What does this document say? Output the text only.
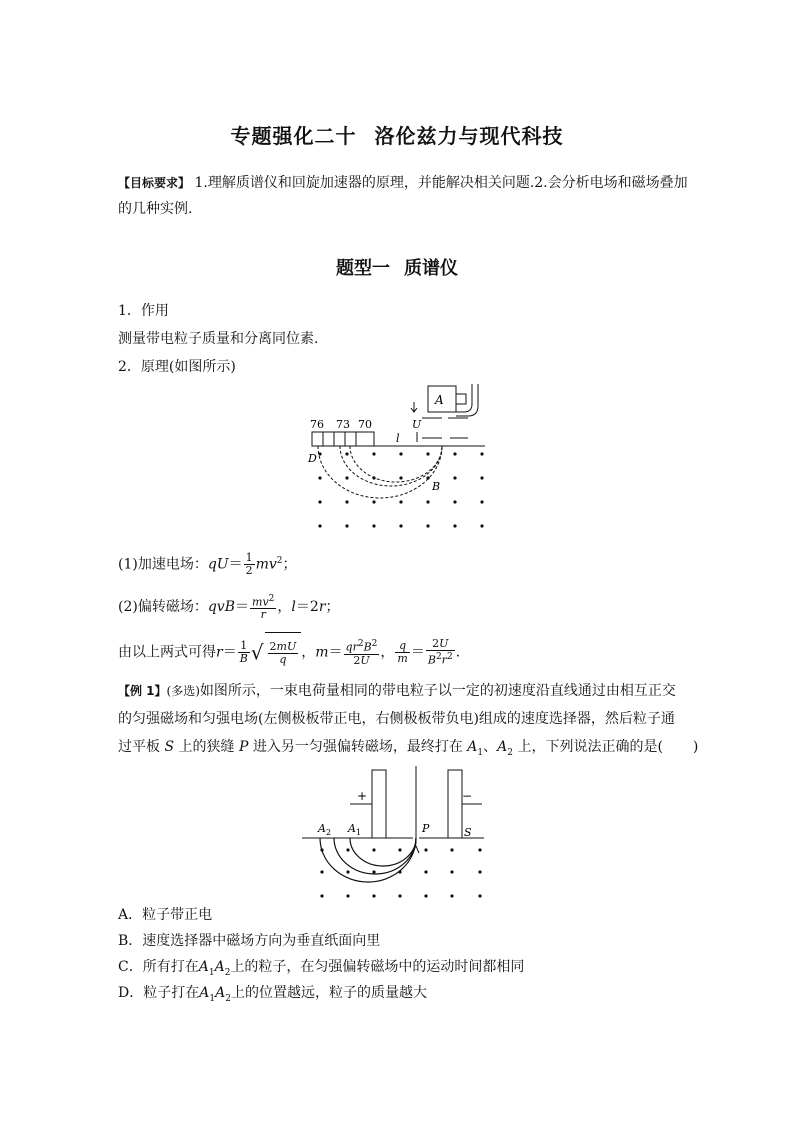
专题强化二十 洛伦兹力与现代科技
【目标要求】 1.理解质谱仪和回旋加速器的原理，并能解决相关问题.2.会分析电场和磁场叠加
的几种实例.
题型一 质谱仪
1．作用
测量带电粒子质量和分离同位素．
2．原理(如图所示)
A
U
76 73 70
l
D
B
(1)加速电场：$qU= \frac{1}{2} mv^2$；
(2)偏转磁场：$qvB= \frac{mv^2}{r}$ ，l＝2r；
由以上两式可得$r= \frac{1}{B}$ √ $\frac{2mU}{q}$ ，$m= \frac{qr^2B^2}{2U}$ ， $\frac{q}{m} = \frac{2U}{B^2r^2}$ .
【例 1】(多选)如图所示，一束电荷量相同的带电粒子以一定的初速度沿直线通过由相互正交
的匀强磁场和匀强电场(左侧极板带正电，右侧极板带负电)组成的速度选择器，然后粒子通
过平板 S 上的狭缝 P 进入另一匀强偏转磁场，最终打在 $A_1$、$A_2$ 上，下列说法正确的是( )
+	−
A 2 A 1	P	S
A．粒子带正电
B．速度选择器中磁场方向为垂直纸面向里
C．所有打在$A_1A_2$上的粒子，在匀强偏转磁场中的运动时间都相同
D．粒子打在$A_1A_2$上的位置越远，粒子的质量越大
